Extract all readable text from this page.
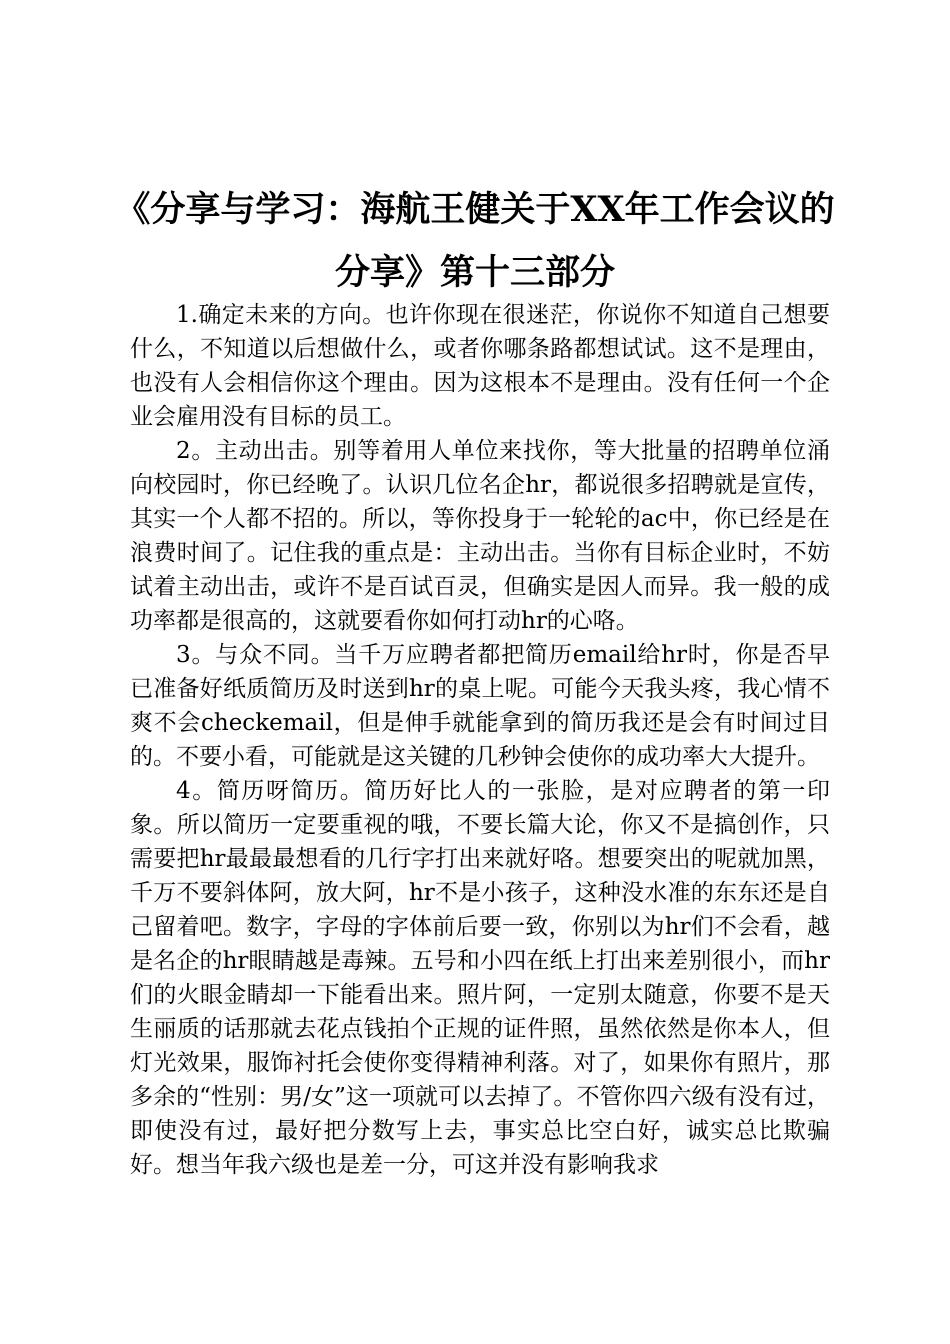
《分享与学习：海航王健关于XX年工作会议的分享》第十三部分

1.确定未来的方向。也许你现在很迷茫，你说你不知道自己想要什么，不知道以后想做什么，或者你哪条路都想试试。这不是理由，也没有人会相信你这个理由。因为这根本不是理由。没有任何一个企业会雇用没有目标的员工。

2。主动出击。别等着用人单位来找你，等大批量的招聘单位涌向校园时，你已经晚了。认识几位名企hr，都说很多招聘就是宣传，其实一个人都不招的。所以，等你投身于一轮轮的ac中，你已经是在浪费时间了。记住我的重点是：主动出击。当你有目标企业时，不妨试着主动出击，或许不是百试百灵，但确实是因人而异。我一般的成功率都是很高的，这就要看你如何打动hr的心咯。

3。与众不同。当千万应聘者都把简历email给hr时，你是否早已准备好纸质简历及时送到hr的桌上呢。可能今天我头疼，我心情不爽不会checkemail，但是伸手就能拿到的简历我还是会有时间过目的。不要小看，可能就是这关键的几秒钟会使你的成功率大大提升。

4。简历呀简历。简历好比人的一张脸，是对应聘者的第一印象。所以简历一定要重视的哦，不要长篇大论，你又不是搞创作，只需要把hr最最最想看的几行字打出来就好咯。想要突出的呢就加黑，千万不要斜体阿，放大阿，hr不是小孩子，这种没水准的东东还是自己留着吧。数字，字母的字体前后要一致，你别以为hr们不会看，越是名企的hr眼睛越是毒辣。五号和小四在纸上打出来差别很小，而hr们的火眼金睛却一下能看出来。照片阿，一定别太随意，你要不是天生丽质的话那就去花点钱拍个正规的证件照，虽然依然是你本人，但灯光效果，服饰衬托会使你变得精神利落。对了，如果你有照片，那多余的“性别：男/女”这一项就可以去掉了。不管你四六级有没有过，即使没有过，最好把分数写上去，事实总比空白好，诚实总比欺骗好。想当年我六级也是差一分，可这并没有影响我求
